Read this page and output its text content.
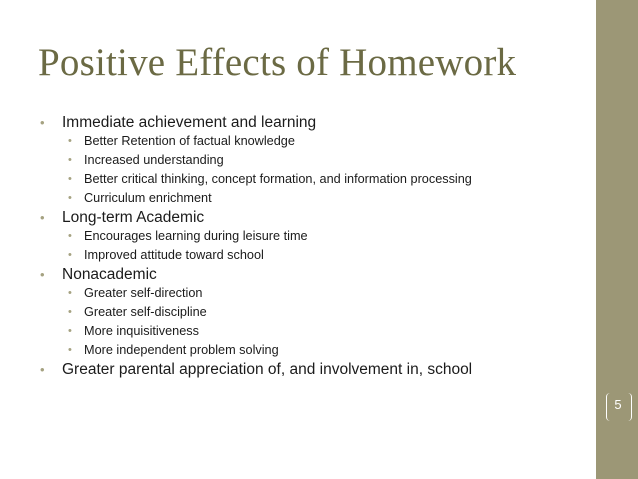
5
Positive Effects of Homework
• Immediate achievement and learning
• Better Retention of factual knowledge
• Increased understanding
• Better critical thinking, concept formation, and information processing
• Curriculum enrichment
• Long-term Academic
• Encourages learning during leisure time
• Improved attitude toward school
• Nonacademic
• Greater self-direction
• Greater self-discipline
• More inquisitiveness
• More independent problem solving
• Greater parental appreciation of, and involvement in, school
